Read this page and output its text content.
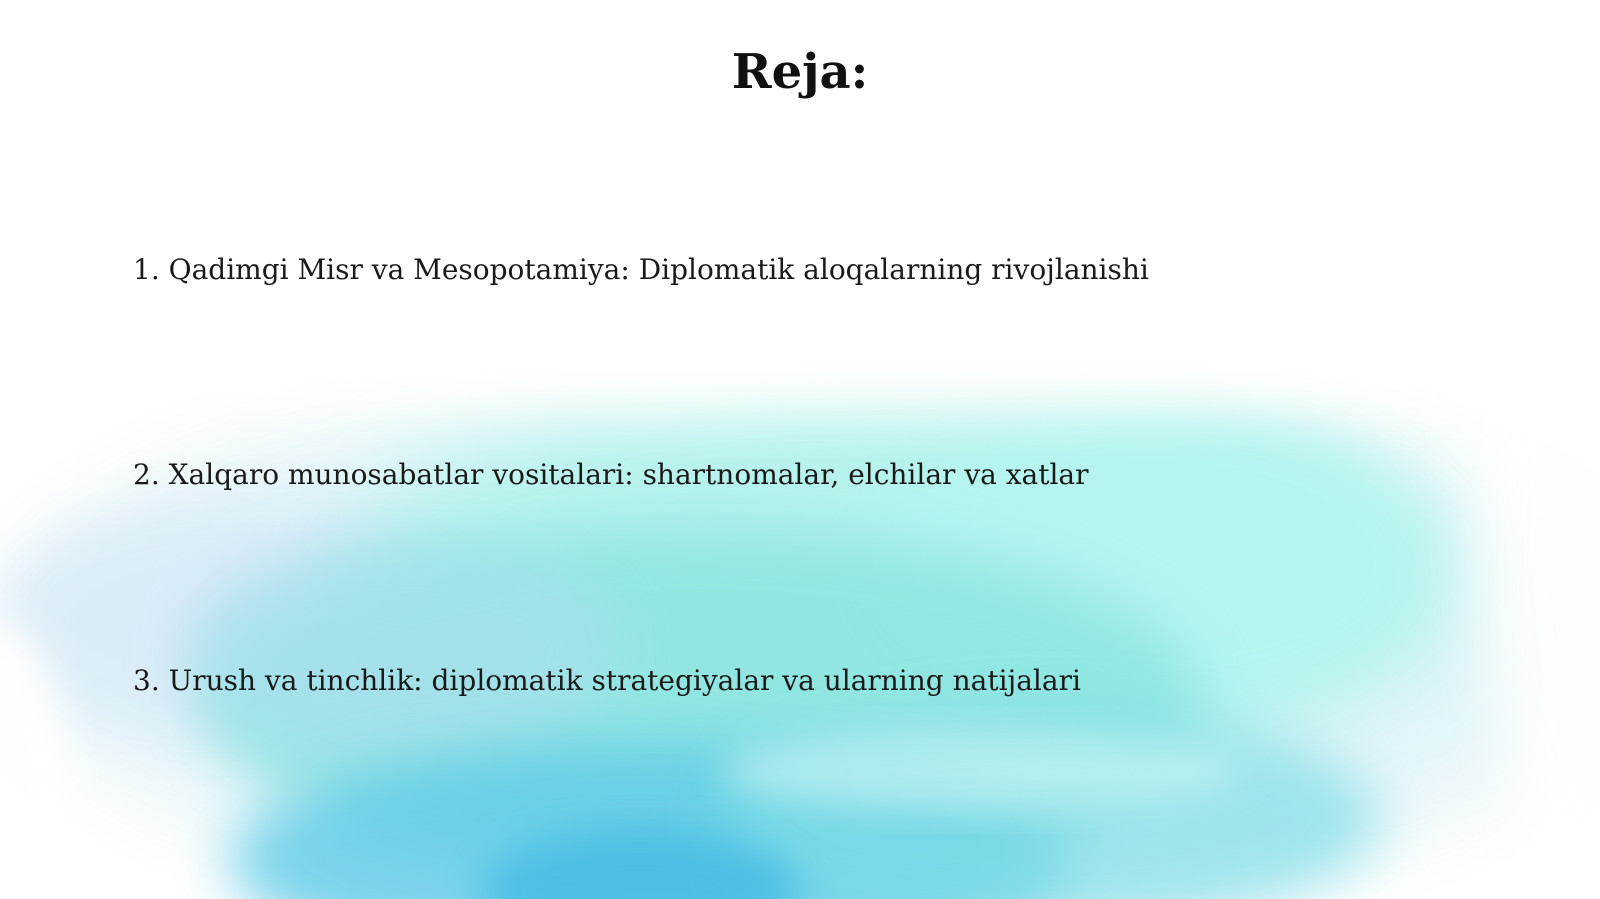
Reja:

1. Qadimgi Misr va Mesopotamiya: Diplomatik aloqalarning rivojlanishi

2. Xalqaro munosabatlar vositalari: shartnomalar, elchilar va xatlar

3. Urush va tinchlik: diplomatik strategiyalar va ularning natijalari
